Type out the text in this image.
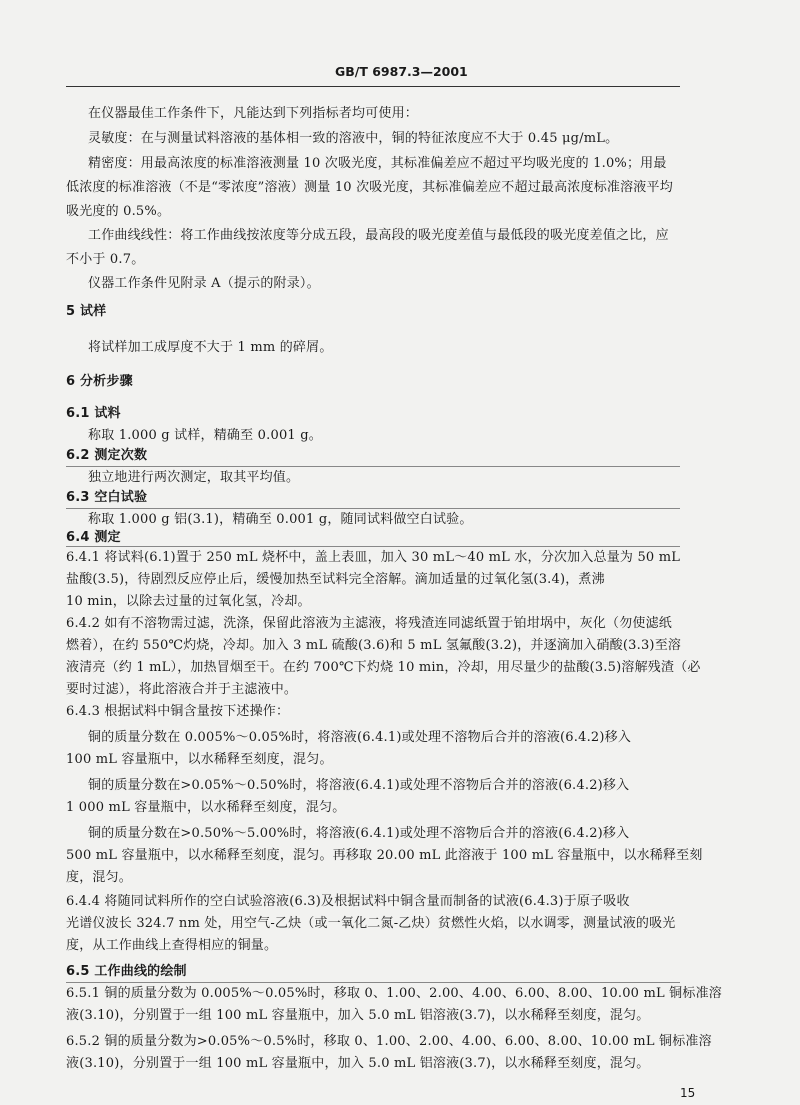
GB/T 6987.3—2001
在仪器最佳工作条件下，凡能达到下列指标者均可使用：
灵敏度：在与测量试料溶液的基体相一致的溶液中，铜的特征浓度应不大于 0.45 μg/mL。
精密度：用最高浓度的标准溶液测量 10 次吸光度，其标准偏差应不超过平均吸光度的 1.0%；用最
低浓度的标准溶液（不是“零浓度”溶液）测量 10 次吸光度，其标准偏差应不超过最高浓度标准溶液平均
吸光度的 0.5%。
工作曲线线性：将工作曲线按浓度等分成五段，最高段的吸光度差值与最低段的吸光度差值之比，应
不小于 0.7。
仪器工作条件见附录 A（提示的附录）。
将试样加工成厚度不大于 1 mm 的碎屑。
称取 1.000 g 试样，精确至 0.001 g。
独立地进行两次测定，取其平均值。
称取 1.000 g 铝(3.1)，精确至 0.001 g，随同试料做空白试验。
6.4.1 将试料(6.1)置于 250 mL 烧杯中，盖上表皿，加入 30 mL～40 mL 水，分次加入总量为 50 mL
盐酸(3.5)，待剧烈反应停止后，缓慢加热至试料完全溶解。滴加适量的过氧化氢(3.4)，煮沸
10 min，以除去过量的过氧化氢，冷却。
6.4.2 如有不溶物需过滤，洗涤，保留此溶液为主滤液，将残渣连同滤纸置于铂坩埚中，灰化（勿使滤纸
燃着），在约 550℃灼烧，冷却。加入 3 mL 硫酸(3.6)和 5 mL 氢氟酸(3.2)，并逐滴加入硝酸(3.3)至溶
液清亮（约 1 mL），加热冒烟至干。在约 700℃下灼烧 10 min，冷却，用尽量少的盐酸(3.5)溶解残渣（必
要时过滤），将此溶液合并于主滤液中。
6.4.3 根据试料中铜含量按下述操作：
铜的质量分数在 0.005%～0.05%时，将溶液(6.4.1)或处理不溶物后合并的溶液(6.4.2)移入
100 mL 容量瓶中，以水稀释至刻度，混匀。
铜的质量分数在>0.05%～0.50%时，将溶液(6.4.1)或处理不溶物后合并的溶液(6.4.2)移入
1 000 mL 容量瓶中，以水稀释至刻度，混匀。
铜的质量分数在>0.50%～5.00%时，将溶液(6.4.1)或处理不溶物后合并的溶液(6.4.2)移入
500 mL 容量瓶中，以水稀释至刻度，混匀。再移取 20.00 mL 此溶液于 100 mL 容量瓶中，以水稀释至刻
度，混匀。
6.4.4 将随同试料所作的空白试验溶液(6.3)及根据试料中铜含量而制备的试液(6.4.3)于原子吸收
光谱仪波长 324.7 nm 处，用空气-乙炔（或一氧化二氮-乙炔）贫燃性火焰，以水调零，测量试液的吸光
度，从工作曲线上查得相应的铜量。
6.5.1 铜的质量分数为 0.005%～0.05%时，移取 0、1.00、2.00、4.00、6.00、8.00、10.00 mL 铜标准溶
液(3.10)，分别置于一组 100 mL 容量瓶中，加入 5.0 mL 铝溶液(3.7)，以水稀释至刻度，混匀。
6.5.2 铜的质量分数为>0.05%～0.5%时，移取 0、1.00、2.00、4.00、6.00、8.00、10.00 mL 铜标准溶
液(3.10)，分别置于一组 100 mL 容量瓶中，加入 5.0 mL 铝溶液(3.7)，以水稀释至刻度，混匀。
5 试样
6 分析步骤
6.1 试料
6.2 测定次数
6.3 空白试验
6.4 测定
6.5 工作曲线的绘制
15
